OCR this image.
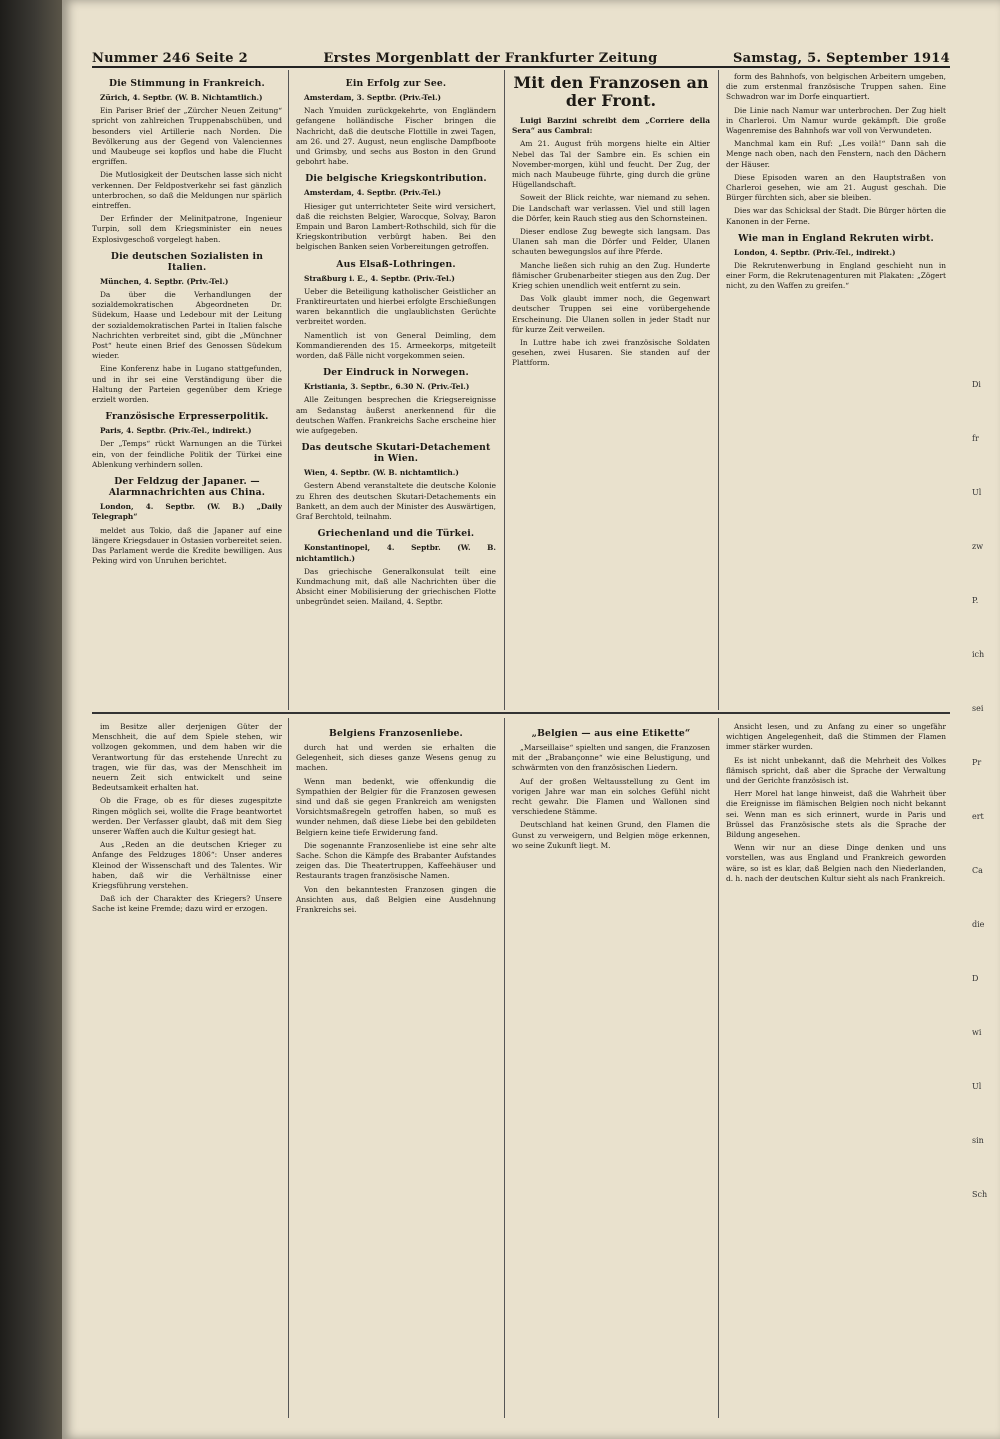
Nummer 246 Seite 2	Erstes Morgenblatt der Frankfurter Zeitung	Samstag, 5. September 1914
Die Stimmung in Frankreich.

Zürich, 4. Septbr. (W. B. Nichtamtlich.)

Ein Pariser Brief der „Zürcher Neuen Zeitung“ spricht von zahlreichen Truppenabschüben, und besonders viel Artillerie nach Norden. Die Bevölkerung aus der Gegend von Valenciennes und Maubeuge sei kopflos und habe die Flucht ergriffen.

Die Mutlosigkeit der Deutschen lasse sich nicht verkennen. Der Feldpostverkehr sei fast gänzlich unterbrochen, so daß die Meldungen nur spärlich eintreffen.

Der Erfinder der Melinitpatrone, Ingenieur Turpin, soll dem Kriegsminister ein neues Explosivgeschoß vorgelegt haben.

Die deutschen Sozialisten in Italien.

München, 4. Septbr. (Priv.-Tel.)

Da über die Verhandlungen der sozialdemokratischen Abgeordneten Dr. Südekum, Haase und Ledebour mit der Leitung der sozialdemokratischen Partei in Italien falsche Nachrichten verbreitet sind, gibt die „Münchner Post“ heute einen Brief des Genossen Südekum wieder.

Eine Konferenz habe in Lugano stattgefunden, und in ihr sei eine Verständigung über die Haltung der Parteien gegenüber dem Kriege erzielt worden.

Französische Erpresserpolitik.

Paris, 4. Septbr. (Priv.-Tel., indirekt.)

Der „Temps“ rückt Warnungen an die Türkei ein, von der feindliche Politik der Türkei eine Ablenkung verhindern sollen.

Der Feldzug der Japaner. — Alarmnachrichten aus China.

London, 4. Septbr. (W. B.) „Daily Telegraph“

meldet aus Tokio, daß die Japaner auf eine längere Kriegsdauer in Ostasien vorbereitet seien. Das Parlament werde die Kredite bewilligen. Aus Peking wird von Unruhen berichtet.

Ein Erfolg zur See.

Amsterdam, 3. Septbr. (Priv.-Tel.)

Nach Ymuiden zurückgekehrte, von Engländern gefangene holländische Fischer bringen die Nachricht, daß die deutsche Flottille in zwei Tagen, am 26. und 27. August, neun englische Dampfboote und Grimsby, und sechs aus Boston in den Grund gebohrt habe.

Die belgische Kriegskontribution.

Amsterdam, 4. Septbr. (Priv.-Tel.)

Hiesiger gut unterrichteter Seite wird versichert, daß die reichsten Belgier, Warocque, Solvay, Baron Empain und Baron Lambert-Rothschild, sich für die Kriegskontribution verbürgt haben. Bei den belgischen Banken seien Vorbereitungen getroffen.

Aus Elsaß-Lothringen.

Straßburg i. E., 4. Septbr. (Priv.-Tel.)

Ueber die Beteiligung katholischer Geistlicher an Franktireurtaten und hierbei erfolgte Erschießungen waren bekanntlich die unglaublichsten Gerüchte verbreitet worden.

Namentlich ist von General Deimling, dem Kommandierenden des 15. Armeekorps, mitgeteilt worden, daß Fälle nicht vorgekommen seien.

Der Eindruck in Norwegen.

Kristiania, 3. Septbr., 6.30 N. (Priv.-Tel.)

Alle Zeitungen besprechen die Kriegsereignisse am Sedanstag äußerst anerkennend für die deutschen Waffen. Frankreichs Sache erscheine hier wie aufgegeben.

Das deutsche Skutari-Detachement in Wien.

Wien, 4. Septbr. (W. B. nichtamtlich.)

Gestern Abend veranstaltete die deutsche Kolonie zu Ehren des deutschen Skutari-Detachements ein Bankett, an dem auch der Minister des Auswärtigen, Graf Berchtold, teilnahm.

Griechenland und die Türkei.

Konstantinopel, 4. Septbr. (W. B. nichtamtlich.)

Das griechische Generalkonsulat teilt eine Kundmachung mit, daß alle Nachrichten über die Absicht einer Mobilisierung der griechischen Flotte unbegründet seien. Mailand, 4. Septbr.

Mit den Franzosen an der Front.

Luigi Barzini schreibt dem „Corriere della Sera“ aus Cambrai:

Am 21. August früh morgens hielte ein Altier Nebel das Tal der Sambre ein. Es schien ein November-morgen, kühl und feucht. Der Zug, der mich nach Maubeuge führte, ging durch die grüne Hügellandschaft.

Soweit der Blick reichte, war niemand zu sehen. Die Landschaft war verlassen. Viel und still lagen die Dörfer, kein Rauch stieg aus den Schornsteinen.

Dieser endlose Zug bewegte sich langsam. Das Ulanen sah man die Dörfer und Felder, Ulanen schauten bewegungslos auf ihre Pferde.

Manche ließen sich ruhig an den Zug. Hunderte flämischer Grubenarbeiter stiegen aus den Zug. Der Krieg schien unendlich weit entfernt zu sein.

Das Volk glaubt immer noch, die Gegenwart deutscher Truppen sei eine vorübergehende Erscheinung. Die Ulanen sollen in jeder Stadt nur für kurze Zeit verweilen.

In Luttre habe ich zwei französische Soldaten gesehen, zwei Husaren. Sie standen auf der Plattform.

form des Bahnhofs, von belgischen Arbeitern umgeben, die zum erstenmal französische Truppen sahen. Eine Schwadron war im Dorfe einquartiert.

Die Linie nach Namur war unterbrochen. Der Zug hielt in Charleroi. Um Namur wurde gekämpft. Die große Wagenremise des Bahnhofs war voll von Verwundeten.

Manchmal kam ein Ruf: „Les voilà!“ Dann sah die Menge nach oben, nach den Fenstern, nach den Dächern der Häuser.

Diese Episoden waren an den Hauptstraßen von Charleroi gesehen, wie am 21. August geschah. Die Bürger fürchten sich, aber sie bleiben.

Dies war das Schicksal der Stadt. Die Bürger hörten die Kanonen in der Ferne.

Wie man in England Rekruten wirbt.

London, 4. Septbr. (Priv.-Tel., indirekt.)

Die Rekrutenwerbung in England geschieht nun in einer Form, die Rekrutenagenturen mit Plakaten: „Zögert nicht, zu den Waffen zu greifen.“

im Besitze aller derjenigen Güter der Menschheit, die auf dem Spiele stehen, wir vollzogen gekommen, und dem haben wir die Verantwortung für das erstehende Unrecht zu tragen, wie für das, was der Menschheit im neuern Zeit sich entwickelt und seine Bedeutsamkeit erhalten hat.

Ob die Frage, ob es für dieses zugespitzte Ringen möglich sei, wollte die Frage beantwortet werden. Der Verfasser glaubt, daß mit dem Sieg unserer Waffen auch die Kultur gesiegt hat.

Aus „Reden an die deutschen Krieger zu Anfange des Feldzuges 1806“: Unser anderes Kleinod der Wissenschaft und des Talentes. Wir haben, daß wir die Verhältnisse einer Kriegsführung verstehen.

Daß ich der Charakter des Kriegers? Unsere Sache ist keine Fremde; dazu wird er erzogen.

Belgiens Franzosenliebe.

durch hat und werden sie erhalten die Gelegenheit, sich dieses ganze Wesens genug zu machen.

Wenn man bedenkt, wie offenkundig die Sympathien der Belgier für die Franzosen gewesen sind und daß sie gegen Frankreich am wenigsten Vorsichtsmaßregeln getroffen haben, so muß es wunder nehmen, daß diese Liebe bei den gebildeten Belgiern keine tiefe Erwiderung fand.

Die sogenannte Franzosenliebe ist eine sehr alte Sache. Schon die Kämpfe des Brabanter Aufstandes zeigen das. Die Theatertruppen, Kaffeehäuser und Restaurants tragen französische Namen.

Von den bekanntesten Franzosen gingen die Ansichten aus, daß Belgien eine Ausdehnung Frankreichs sei.

„Belgien — aus eine Etikette“

„Marseillaise“ spielten und sangen, die Franzosen mit der „Brabançonne“ wie eine Belustigung, und schwärmten von den französischen Liedern.

Auf der großen Weltausstellung zu Gent im vorigen Jahre war man ein solches Gefühl nicht recht gewahr. Die Flamen und Wallonen sind verschiedene Stämme.

Deutschland hat keinen Grund, den Flamen die Gunst zu verweigern, und Belgien möge erkennen, wo seine Zukunft liegt. M.

Ansicht lesen, und zu Anfang zu einer so ungefähr wichtigen Angelegenheit, daß die Stimmen der Flamen immer stärker wurden.

Es ist nicht unbekannt, daß die Mehrheit des Volkes flämisch spricht, daß aber die Sprache der Verwaltung und der Gerichte französisch ist.

Herr Morel hat lange hinweist, daß die Wahrheit über die Ereignisse im flämischen Belgien noch nicht bekannt sei. Wenn man es sich erinnert, wurde in Paris und Brüssel das Französische stets als die Sprache der Bildung angesehen.

Wenn wir nur an diese Dinge denken und uns vorstellen, was aus England und Frankreich geworden wäre, so ist es klar, daß Belgien nach den Niederlanden, d. h. nach der deutschen Kultur sieht als nach Frankreich.

Di
fr
Ul
zw
P.
ich
sei
Pr
ert
Ca
die
D
wi
Ul
sin
Sch
